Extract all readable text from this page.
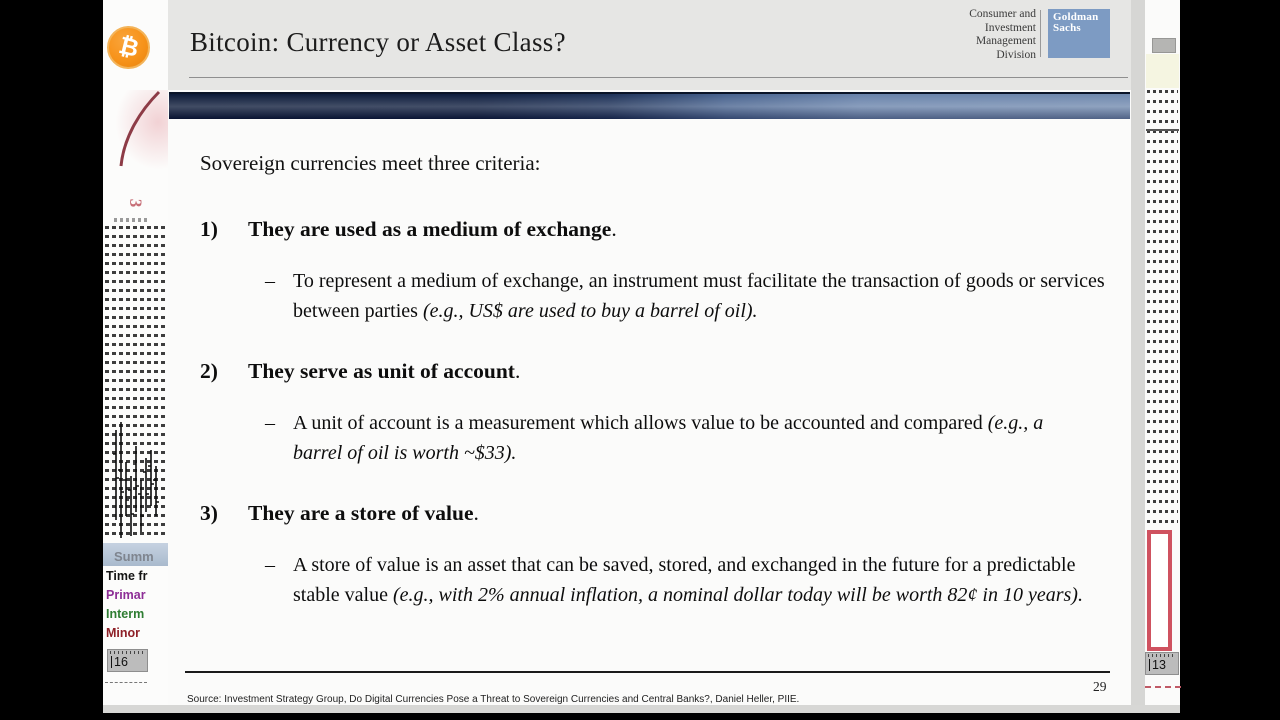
₿
3
Summ
Time fr
Primar
Interm
Minor
16
Bitcoin: Currency or Asset Class?
Consumer and
Investment
Management
Division
Goldman
Sachs
Sovereign currencies meet three criteria:
1) They are used as a medium of exchange.
– To represent a medium of exchange, an instrument must facilitate the transaction of goods or services between parties (e.g., US$ are used to buy a barrel of oil).
2) They serve as unit of account.
– A unit of account is a measurement which allows value to be accounted and compared (e.g., a barrel of oil is worth ~$33).
3) They are a store of value.
– A store of value is an asset that can be saved, stored, and exchanged in the future for a predictable stable value (e.g., with 2% annual inflation, a nominal dollar today will be worth 82¢ in 10 years).
Source: Investment Strategy Group, Do Digital Currencies Pose a Threat to Sovereign Currencies and Central Banks?, Daniel Heller, PIIE.
29
13
